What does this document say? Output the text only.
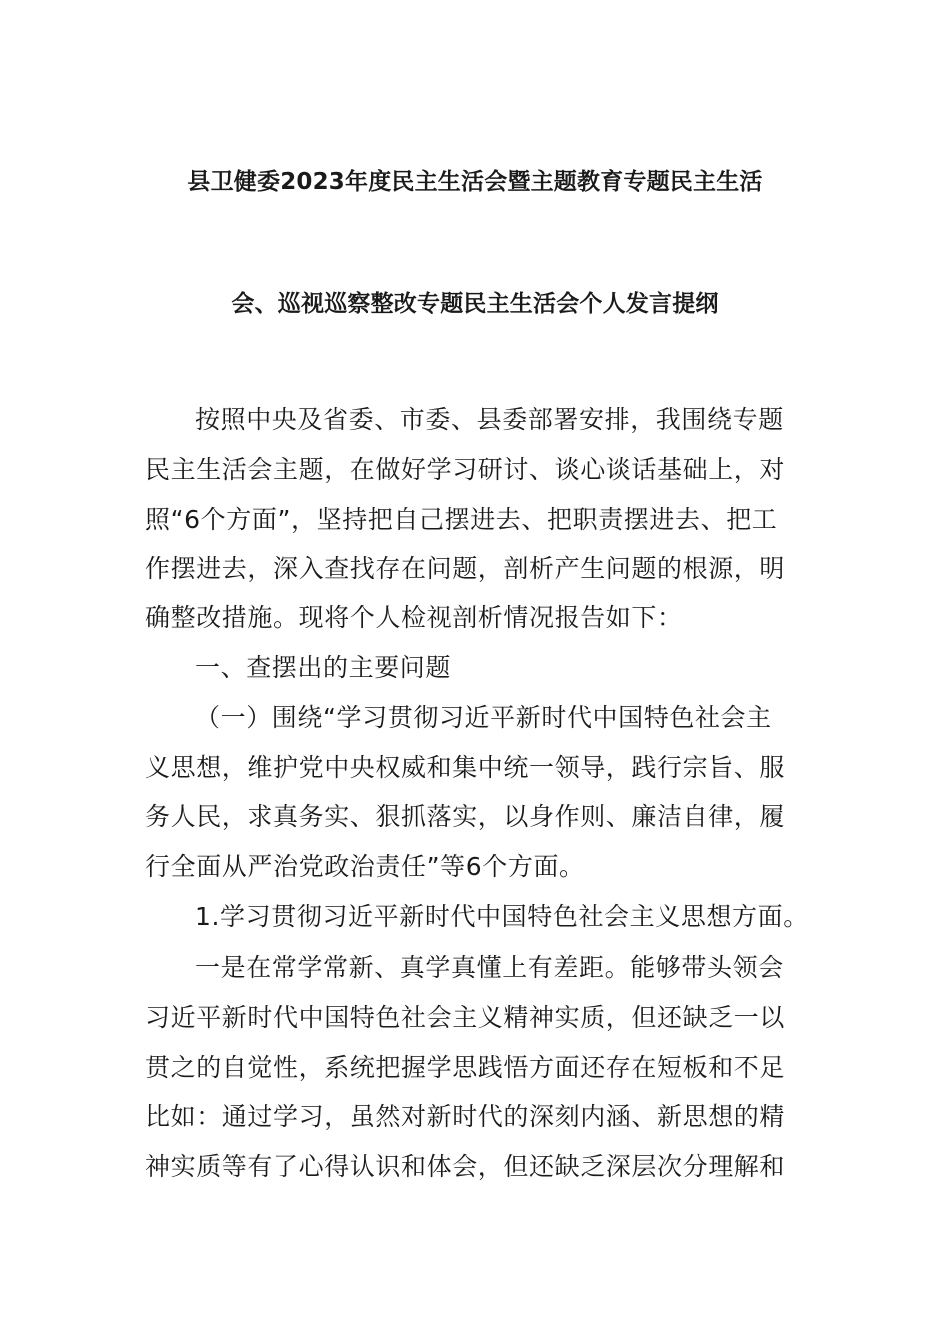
县卫健委2023年度民主生活会暨主题教育专题民主生活
会、巡视巡察整改专题民主生活会个人发言提纲
按照中央及省委、市委、县委部署安排，我围绕专题
民主生活会主题，在做好学习研讨、谈心谈话基础上，对
照“6个方面”，坚持把自己摆进去、把职责摆进去、把工
作摆进去，深入查找存在问题，剖析产生问题的根源，明
确整改措施。现将个人检视剖析情况报告如下：
一、查摆出的主要问题
（一）围绕“学习贯彻习近平新时代中国特色社会主
义思想，维护党中央权威和集中统一领导，践行宗旨、服
务人民，求真务实、狠抓落实，以身作则、廉洁自律，履
行全面从严治党政治责任”等6个方面。
1.学习贯彻习近平新时代中国特色社会主义思想方面。
一是在常学常新、真学真懂上有差距。能够带头领会
习近平新时代中国特色社会主义精神实质，但还缺乏一以
贯之的自觉性，系统把握学思践悟方面还存在短板和不足
比如：通过学习，虽然对新时代的深刻内涵、新思想的精
神实质等有了心得认识和体会，但还缺乏深层次分理解和
